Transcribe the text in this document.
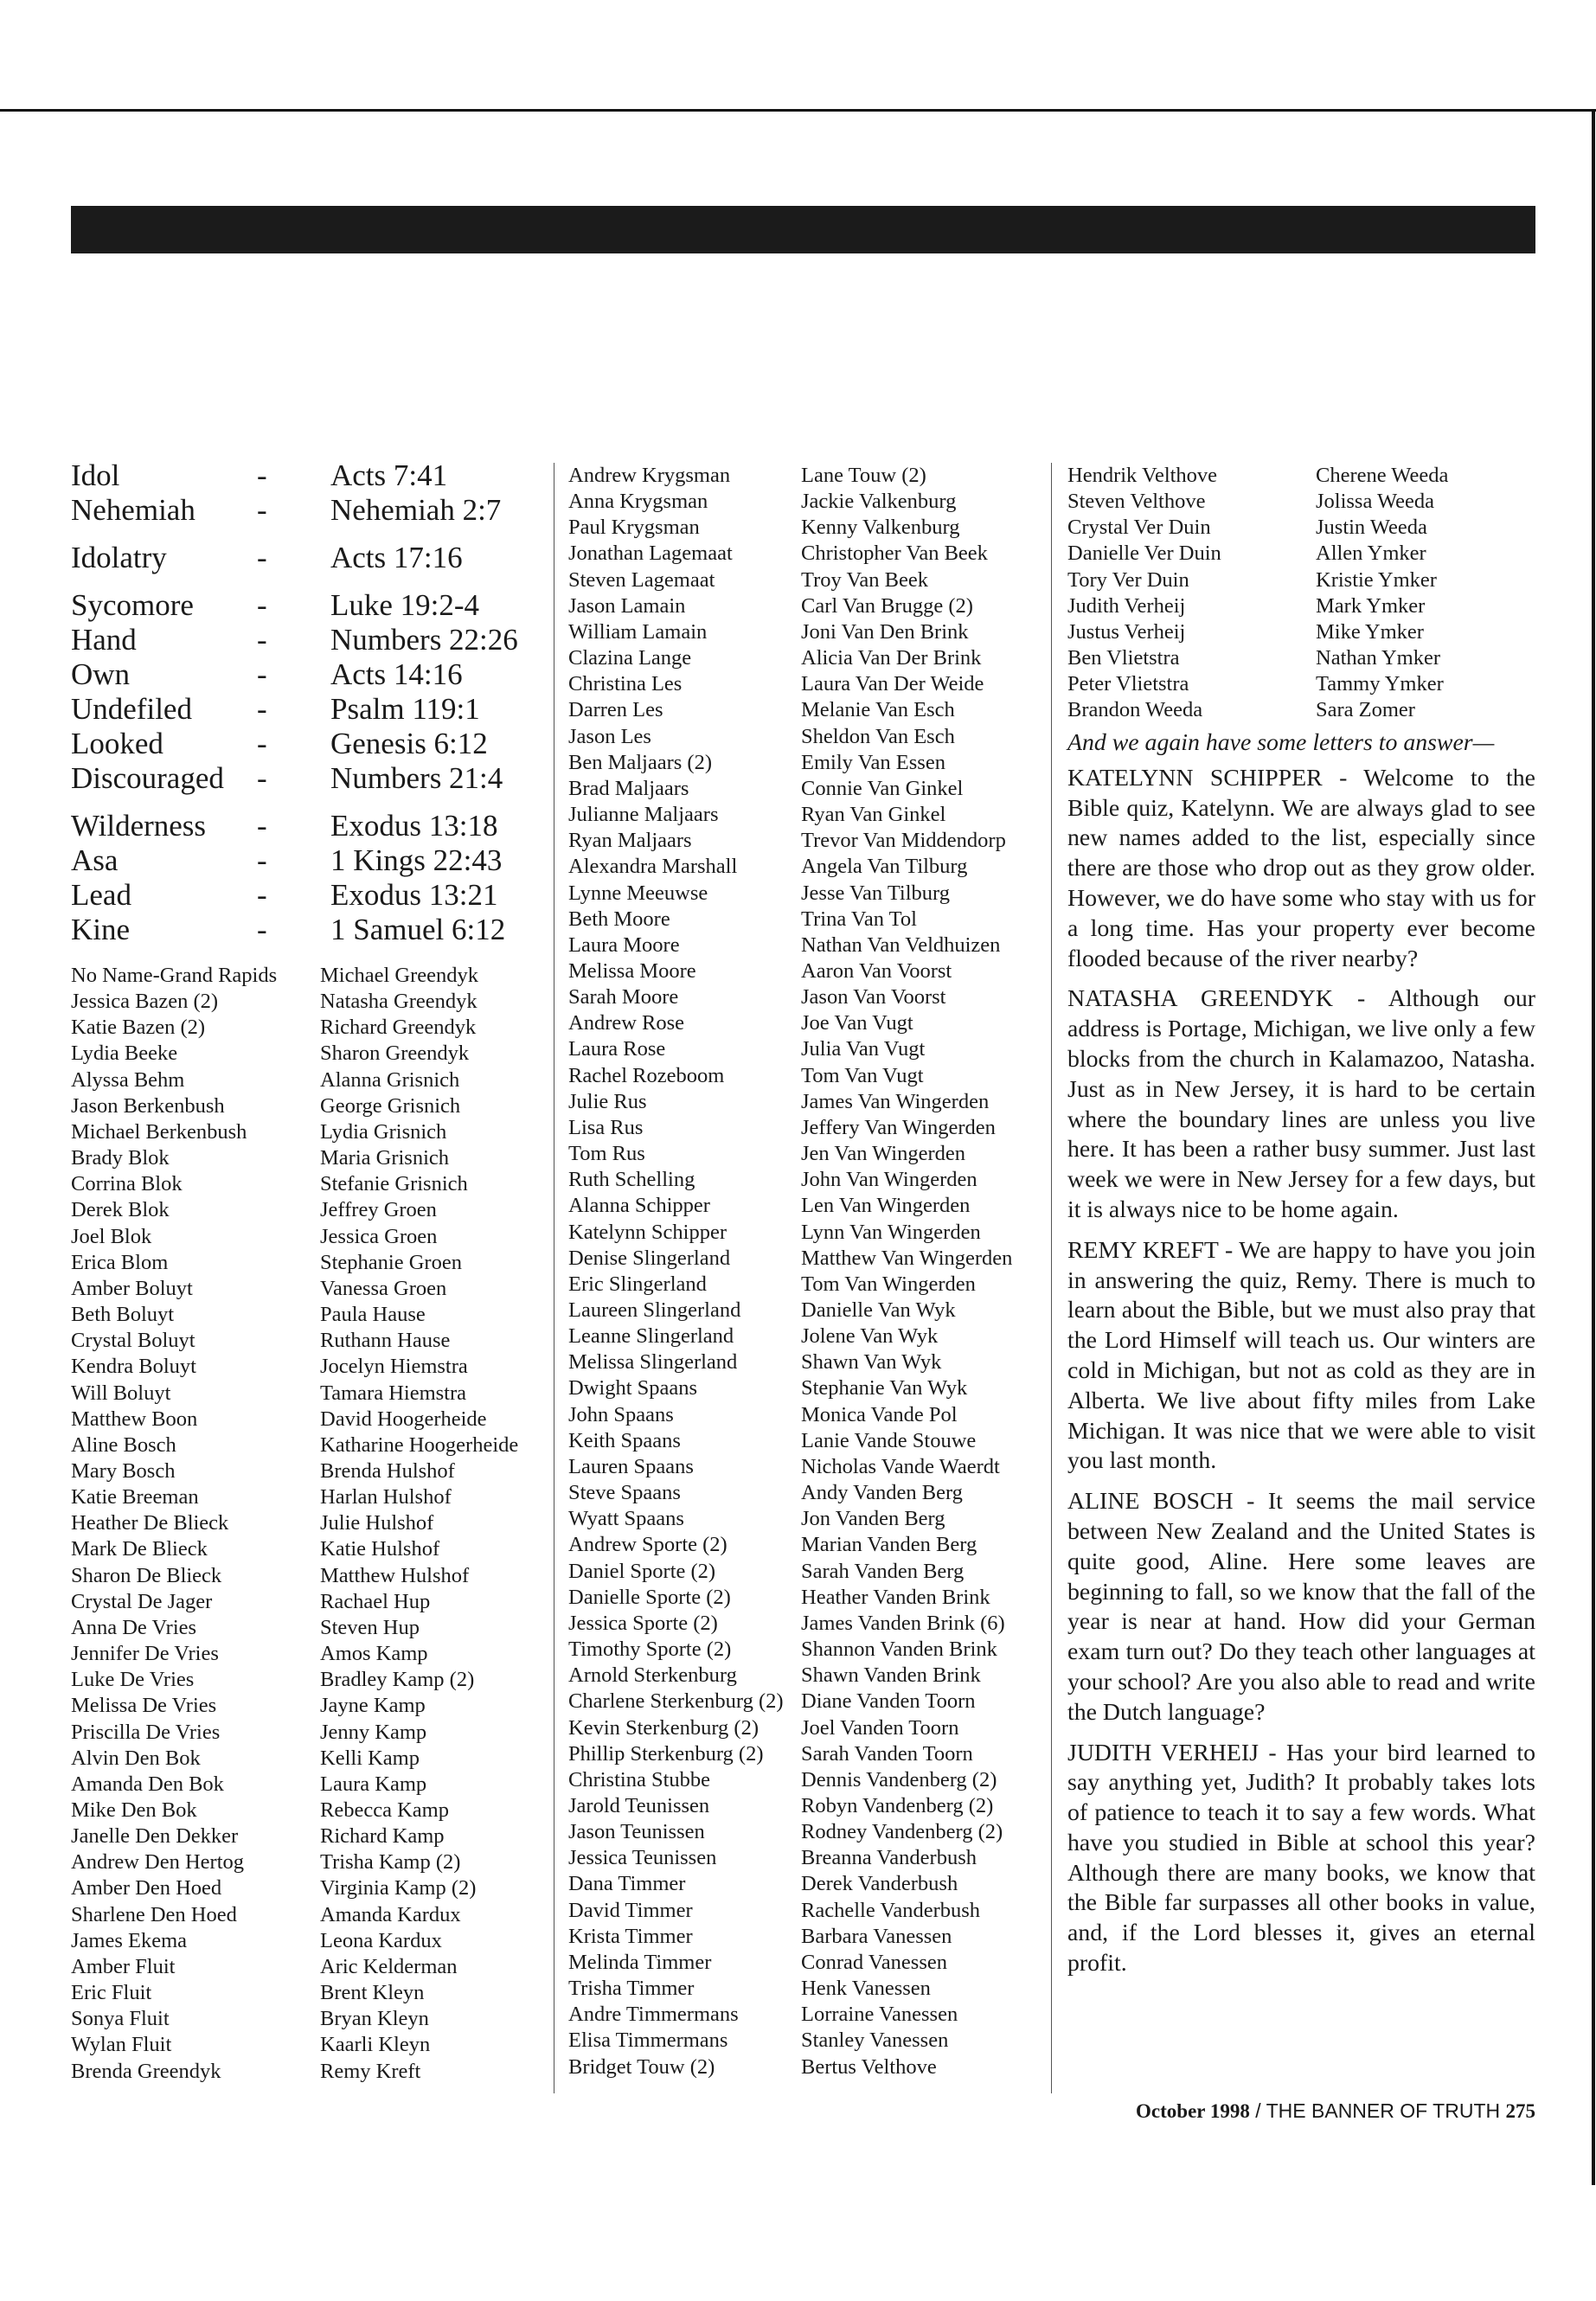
Idol	-	Acts 7:41
Nehemiah	-	Nehemiah 2:7
Idolatry	-	Acts 17:16
Sycomore	-	Luke 19:2-4
Hand	-	Numbers 22:26
Own	-	Acts 14:16
Undefiled	-	Psalm 119:1
Looked	-	Genesis 6:12
Discouraged	-	Numbers 21:4
Wilderness	-	Exodus 13:18
Asa	-	1 Kings 22:43
Lead	-	Exodus 13:21
Kine	-	1 Samuel 6:12
No Name-Grand Rapids
Jessica Bazen (2)
Katie Bazen (2)
Lydia Beeke
Alyssa Behm
Jason Berkenbush
Michael Berkenbush
Brady Blok
Corrina Blok
Derek Blok
Joel Blok
Erica Blom
Amber Boluyt
Beth Boluyt
Crystal Boluyt
Kendra Boluyt
Will Boluyt
Matthew Boon
Aline Bosch
Mary Bosch
Katie Breeman
Heather De Blieck
Mark De Blieck
Sharon De Blieck
Crystal De Jager
Anna De Vries
Jennifer De Vries
Luke De Vries
Melissa De Vries
Priscilla De Vries
Alvin Den Bok
Amanda Den Bok
Mike Den Bok
Janelle Den Dekker
Andrew Den Hertog
Amber Den Hoed
Sharlene Den Hoed
James Ekema
Amber Fluit
Eric Fluit
Sonya Fluit
Wylan Fluit
Brenda Greendyk
Michael Greendyk
Natasha Greendyk
Richard Greendyk
Sharon Greendyk
Alanna Grisnich
George Grisnich
Lydia Grisnich
Maria Grisnich
Stefanie Grisnich
Jeffrey Groen
Jessica Groen
Stephanie Groen
Vanessa Groen
Paula Hause
Ruthann Hause
Jocelyn Hiemstra
Tamara Hiemstra
David Hoogerheide
Katharine Hoogerheide
Brenda Hulshof
Harlan Hulshof
Julie Hulshof
Katie Hulshof
Matthew Hulshof
Rachael Hup
Steven Hup
Amos Kamp
Bradley Kamp (2)
Jayne Kamp
Jenny Kamp
Kelli Kamp
Laura Kamp
Rebecca Kamp
Richard Kamp
Trisha Kamp (2)
Virginia Kamp (2)
Amanda Kardux
Leona Kardux
Aric Kelderman
Brent Kleyn
Bryan Kleyn
Kaarli Kleyn
Remy Kreft
Andrew Krygsman
Anna Krygsman
Paul Krygsman
Jonathan Lagemaat
Steven Lagemaat
Jason Lamain
William Lamain
Clazina Lange
Christina Les
Darren Les
Jason Les
Ben Maljaars (2)
Brad Maljaars
Julianne Maljaars
Ryan Maljaars
Alexandra Marshall
Lynne Meeuwse
Beth Moore
Laura Moore
Melissa Moore
Sarah Moore
Andrew Rose
Laura Rose
Rachel Rozeboom
Julie Rus
Lisa Rus
Tom Rus
Ruth Schelling
Alanna Schipper
Katelynn Schipper
Denise Slingerland
Eric Slingerland
Laureen Slingerland
Leanne Slingerland
Melissa Slingerland
Dwight Spaans
John Spaans
Keith Spaans
Lauren Spaans
Steve Spaans
Wyatt Spaans
Andrew Sporte (2)
Daniel Sporte (2)
Danielle Sporte (2)
Jessica Sporte (2)
Timothy Sporte (2)
Arnold Sterkenburg
Charlene Sterkenburg (2)
Kevin Sterkenburg (2)
Phillip Sterkenburg (2)
Christina Stubbe
Jarold Teunissen
Jason Teunissen
Jessica Teunissen
Dana Timmer
David Timmer
Krista Timmer
Melinda Timmer
Trisha Timmer
Andre Timmermans
Elisa Timmermans
Bridget Touw (2)
Lane Touw (2)
Jackie Valkenburg
Kenny Valkenburg
Christopher Van Beek
Troy Van Beek
Carl Van Brugge (2)
Joni Van Den Brink
Alicia Van Der Brink
Laura Van Der Weide
Melanie Van Esch
Sheldon Van Esch
Emily Van Essen
Connie Van Ginkel
Ryan Van Ginkel
Trevor Van Middendorp
Angela Van Tilburg
Jesse Van Tilburg
Trina Van Tol
Nathan Van Veldhuizen
Aaron Van Voorst
Jason Van Voorst
Joe Van Vugt
Julia Van Vugt
Tom Van Vugt
James Van Wingerden
Jeffery Van Wingerden
Jen Van Wingerden
John Van Wingerden
Len Van Wingerden
Lynn Van Wingerden
Matthew Van Wingerden
Tom Van Wingerden
Danielle Van Wyk
Jolene Van Wyk
Shawn Van Wyk
Stephanie Van Wyk
Monica Vande Pol
Lanie Vande Stouwe
Nicholas Vande Waerdt
Andy Vanden Berg
Jon Vanden Berg
Marian Vanden Berg
Sarah Vanden Berg
Heather Vanden Brink
James Vanden Brink (6)
Shannon Vanden Brink
Shawn Vanden Brink
Diane Vanden Toorn
Joel Vanden Toorn
Sarah Vanden Toorn
Dennis Vandenberg (2)
Robyn Vandenberg (2)
Rodney Vandenberg (2)
Breanna Vanderbush
Derek Vanderbush
Rachelle Vanderbush
Barbara Vanessen
Conrad Vanessen
Henk Vanessen
Lorraine Vanessen
Stanley Vanessen
Bertus Velthove
Hendrik Velthove
Steven Velthove
Crystal Ver Duin
Danielle Ver Duin
Tory Ver Duin
Judith Verheij
Justus Verheij
Ben Vlietstra
Peter Vlietstra
Brandon Weeda
Cherene Weeda
Jolissa Weeda
Justin Weeda
Allen Ymker
Kristie Ymker
Mark Ymker
Mike Ymker
Nathan Ymker
Tammy Ymker
Sara Zomer

And we again have some letters to answer—

KATELYNN SCHIPPER - Welcome to the Bible quiz, Katelynn. We are always glad to see new names added to the list, especially since there are those who drop out as they grow older. However, we do have some who stay with us for a long time. Has your property ever become flooded because of the river nearby?

NATASHA GREENDYK - Although our address is Portage, Michigan, we live only a few blocks from the church in Kalamazoo, Natasha. Just as in New Jersey, it is hard to be certain where the boundary lines are unless you live here. It has been a rather busy summer. Just last week we were in New Jersey for a few days, but it is always nice to be home again.

REMY KREFT - We are happy to have you join in answering the quiz, Remy. There is much to learn about the Bible, but we must also pray that the Lord Himself will teach us. Our winters are cold in Michigan, but not as cold as they are in Alberta. We live about fifty miles from Lake Michigan. It was nice that we were able to visit you last month.

ALINE BOSCH - It seems the mail service between New Zealand and the United States is quite good, Aline. Here some leaves are beginning to fall, so we know that the fall of the year is near at hand. How did your German exam turn out? Do they teach other languages at your school? Are you also able to read and write the Dutch language?

JUDITH VERHEIJ - Has your bird learned to say anything yet, Judith? It probably takes lots of patience to teach it to say a few words. What have you studied in Bible at school this year? Although there are many books, we know that the Bible far surpasses all other books in value, and, if the Lord blesses it, gives an eternal profit.

October 1998 / THE BANNER OF TRUTH 275
